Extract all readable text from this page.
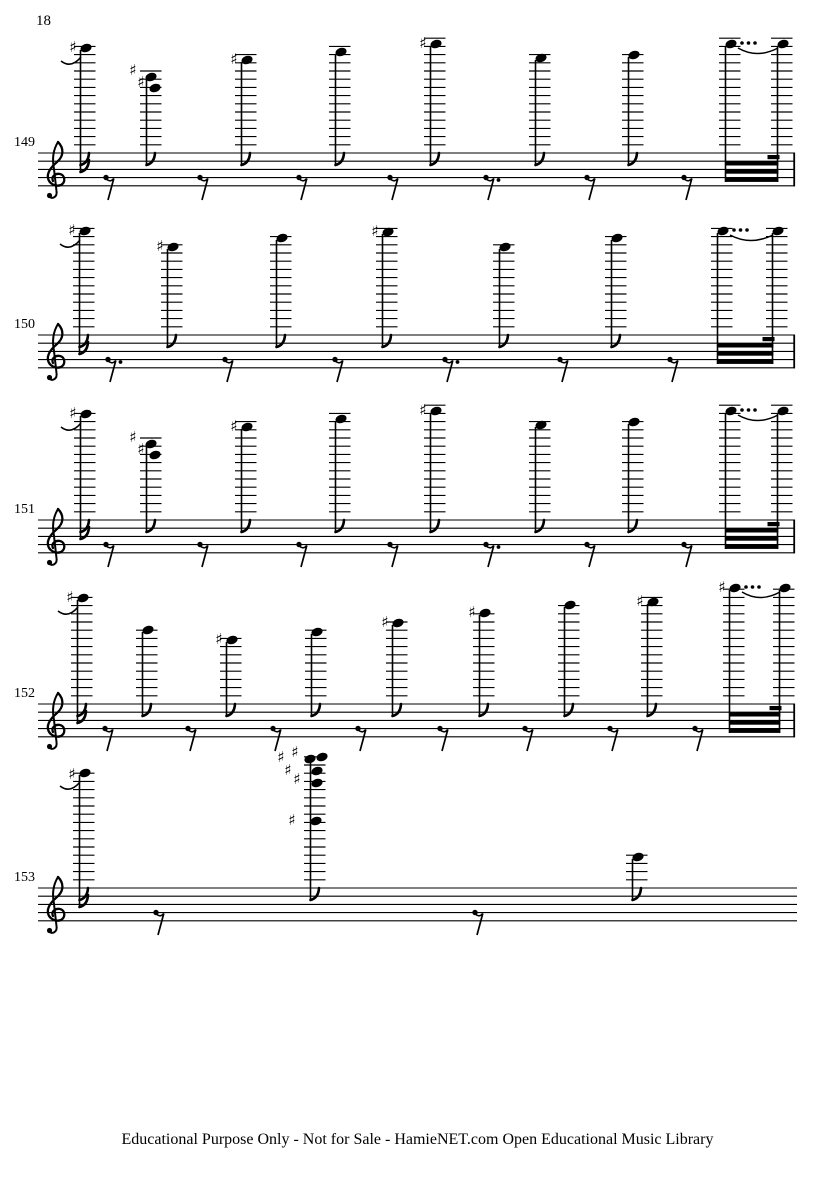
18
149
150
151
152
153
♯
♯
♯
♯
♯
♯
♯
♯
♯
♯
♯
♯
♯
♯
♯
♯
♯
♯
♯
♯
♯ ♯
♯ ♯
♯
Educational Purpose Only - Not for Sale - HamieNET.com Open Educational Music Library
